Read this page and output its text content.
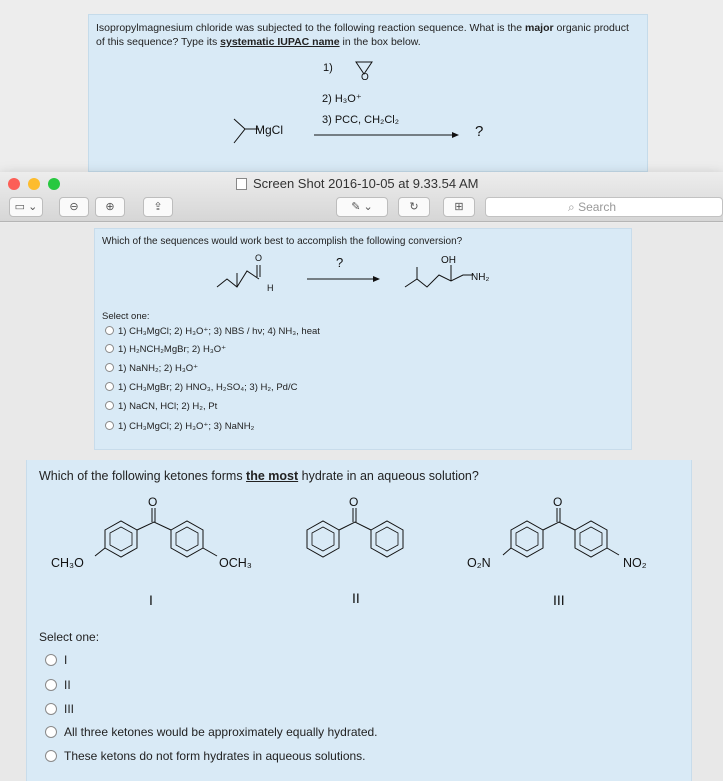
Isopropylmagnesium chloride was subjected to the following reaction sequence. What is the major organic product of this sequence? Type its systematic IUPAC name in the box below.
1)
O
2) H₃O⁺
3) PCC, CH₂Cl₂
MgCl	?
Screen Shot 2016-10-05 at 9.33.54 AM
▭ ⌄	⊖	⊕	⇪	✎ ⌄	↻	⊞	⌕ Search
Which of the sequences would work best to accomplish the following conversion?
O
H
?	OH
NH₂
Select one:
1) CH₃MgCl; 2) H₃O⁺; 3) NBS / hν; 4) NH₃, heat
1) H₂NCH₂MgBr; 2) H₃O⁺
1) NaNH₂; 2) H₃O⁺
1) CH₃MgBr; 2) HNO₃, H₂SO₄; 3) H₂, Pd/C
1) NaCN, HCl; 2) H₂, Pt
1) CH₃MgCl; 2) H₃O⁺; 3) NaNH₂
Which of the following ketones forms the most hydrate in an aqueous solution?
O
CH₃O	OCH₃
I
O
II
O
O₂N	NO₂
III
Select one:
I
II
III
All three ketones would be approximately equally hydrated.
These ketons do not form hydrates in aqueous solutions.
